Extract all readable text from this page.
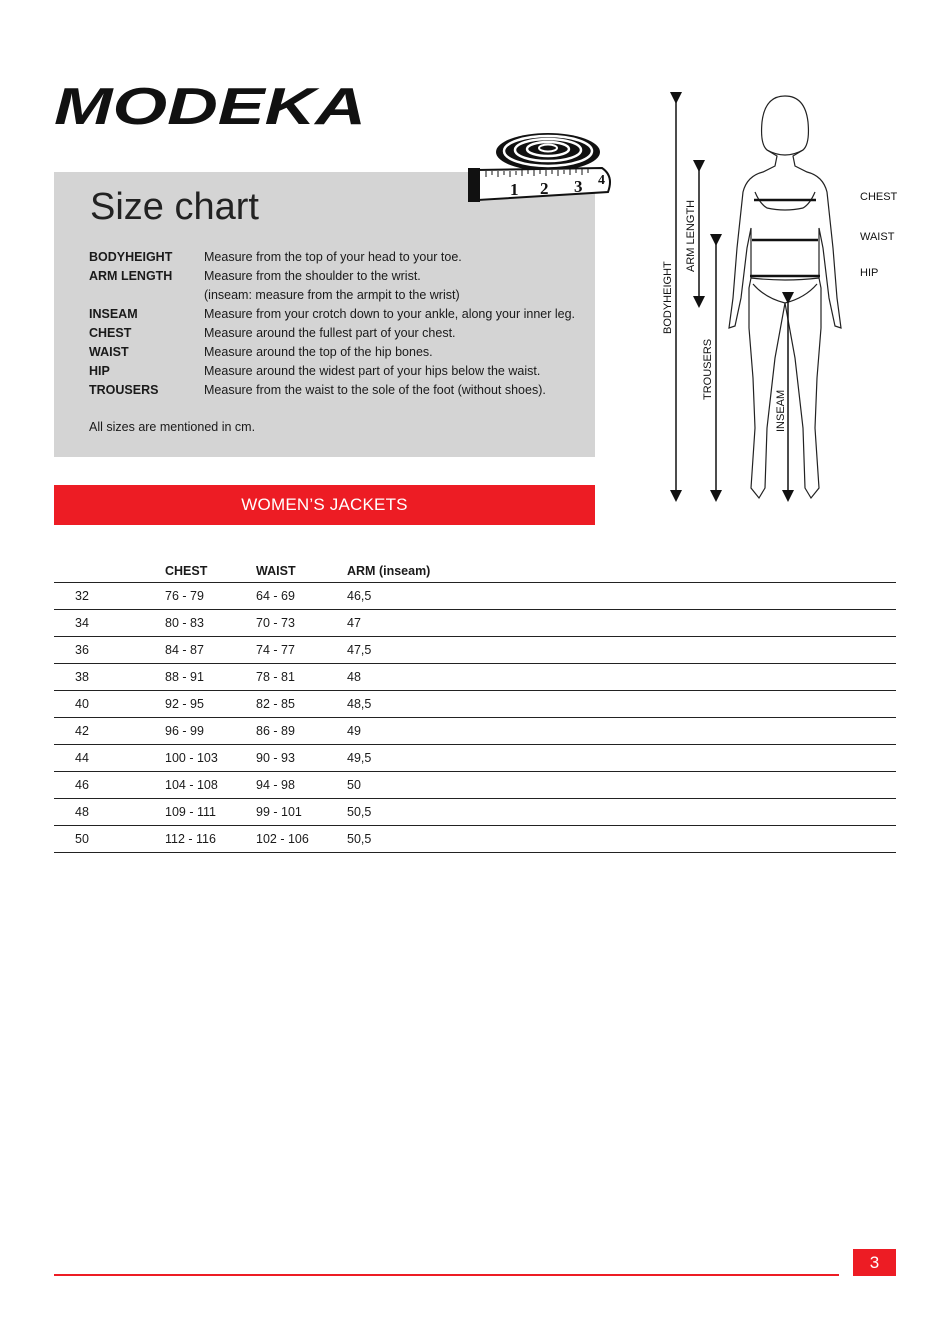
MODEKA
Size chart
BODYHEIGHT	Measure from the top of your head to your toe.
ARM LENGTH	Measure from the shoulder to the wrist.
(inseam: measure from the armpit to the wrist)
INSEAM	Measure from your crotch down to your ankle, along your inner leg.
CHEST	Measure around the fullest part of your chest.
WAIST	Measure around the top of the hip bones.
HIP	Measure around the widest part of your hips below the waist.
TROUSERS	Measure from the waist to the sole of the foot (without shoes).
All sizes are mentioned in cm.
1 2 3 4
BODYHEIGHT
ARM LENGTH
TROUSERS
INSEAM
CHEST
WAIST
HIP
WOMEN’S JACKETS
	CHEST	WAIST	ARM (inseam)
32	76 - 79	64 - 69	46,5
34	80 - 83	70 - 73	47
36	84 - 87	74 - 77	47,5
38	88 - 91	78 - 81	48
40	92 - 95	82 - 85	48,5
42	96 - 99	86 - 89	49
44	100 - 103	90 - 93	49,5
46	104 - 108	94 - 98	50
48	109 - 111	99 - 101	50,5
50	112 - 116	102 - 106	50,5
3
